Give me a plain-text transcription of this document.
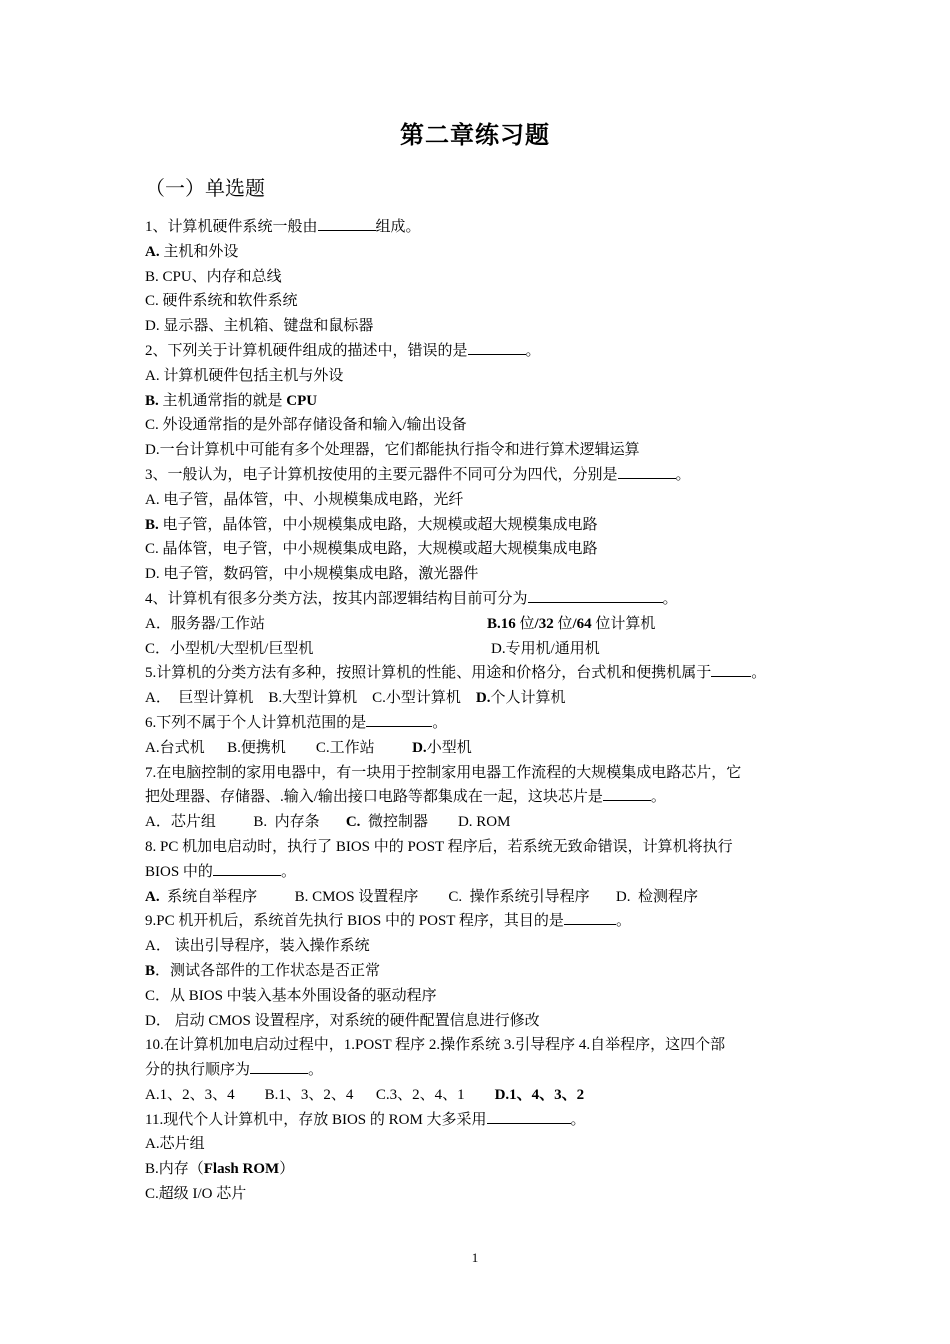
第二章练习题
（一）单选题
1、计算机硬件系统一般由	组成。
A. 主机和外设
B. CPU、内存和总线
C. 硬件系统和软件系统
D. 显示器、主机箱、键盘和鼠标器
2、下列关于计算机硬件组成的描述中，错误的是	。
A. 计算机硬件包括主机与外设
B. 主机通常指的就是 CPU
C. 外设通常指的是外部存储设备和输入/输出设备
D.一台计算机中可能有多个处理器，它们都能执行指令和进行算术逻辑运算
3、一般认为，电子计算机按使用的主要元器件不同可分为四代，分别是	。
A. 电子管，晶体管，中、小规模集成电路，光纤
B. 电子管，晶体管，中小规模集成电路，大规模或超大规模集成电路
C. 晶体管，电子管，中小规模集成电路，大规模或超大规模集成电路
D. 电子管，数码管，中小规模集成电路，激光器件
4、计算机有很多分类方法，按其内部逻辑结构目前可分为	。
A．服务器/工作站	B.16 位/32 位/64 位计算机
C．小型机/大型机/巨型机	D.专用机/通用机
5.计算机的分类方法有多种，按照计算机的性能、用途和价格分，台式机和便携机属于	。
A．  巨型计算机    B.大型计算机    C.小型计算机    D.个人计算机
6.下列不属于个人计算机范围的是	。
A.台式机      B.便携机        C.工作站          D.小型机
7.在电脑控制的家用电器中，有一块用于控制家用电器工作流程的大规模集成电路芯片，它
把处理器、存储器、.输入/输出接口电路等都集成在一起，这块芯片是	。
A．芯片组          B.  内存条       C.  微控制器        D. ROM
8. PC 机加电启动时，执行了 BIOS 中的 POST 程序后，若系统无致命错误，计算机将执行
BIOS 中的	。
A.  系统自举程序          B. CMOS 设置程序        C.  操作系统引导程序       D.  检测程序
9.PC 机开机后，系统首先执行 BIOS 中的 POST 程序，其目的是	。
A． 读出引导程序，装入操作系统
B．测试各部件的工作状态是否正常
C．从 BIOS 中装入基本外围设备的驱动程序
D． 启动 CMOS 设置程序，对系统的硬件配置信息进行修改
10.在计算机加电启动过程中，1.POST 程序 2.操作系统 3.引导程序 4.自举程序，这四个部
分的执行顺序为	。
A.1、2、3、4        B.1、3、2、4      C.3、2、4、1        D.1、4、3、2
11.现代个人计算机中，存放 BIOS 的 ROM 大多采用	。
A.芯片组
B.内存（Flash ROM）
C.超级 I/O 芯片
1
